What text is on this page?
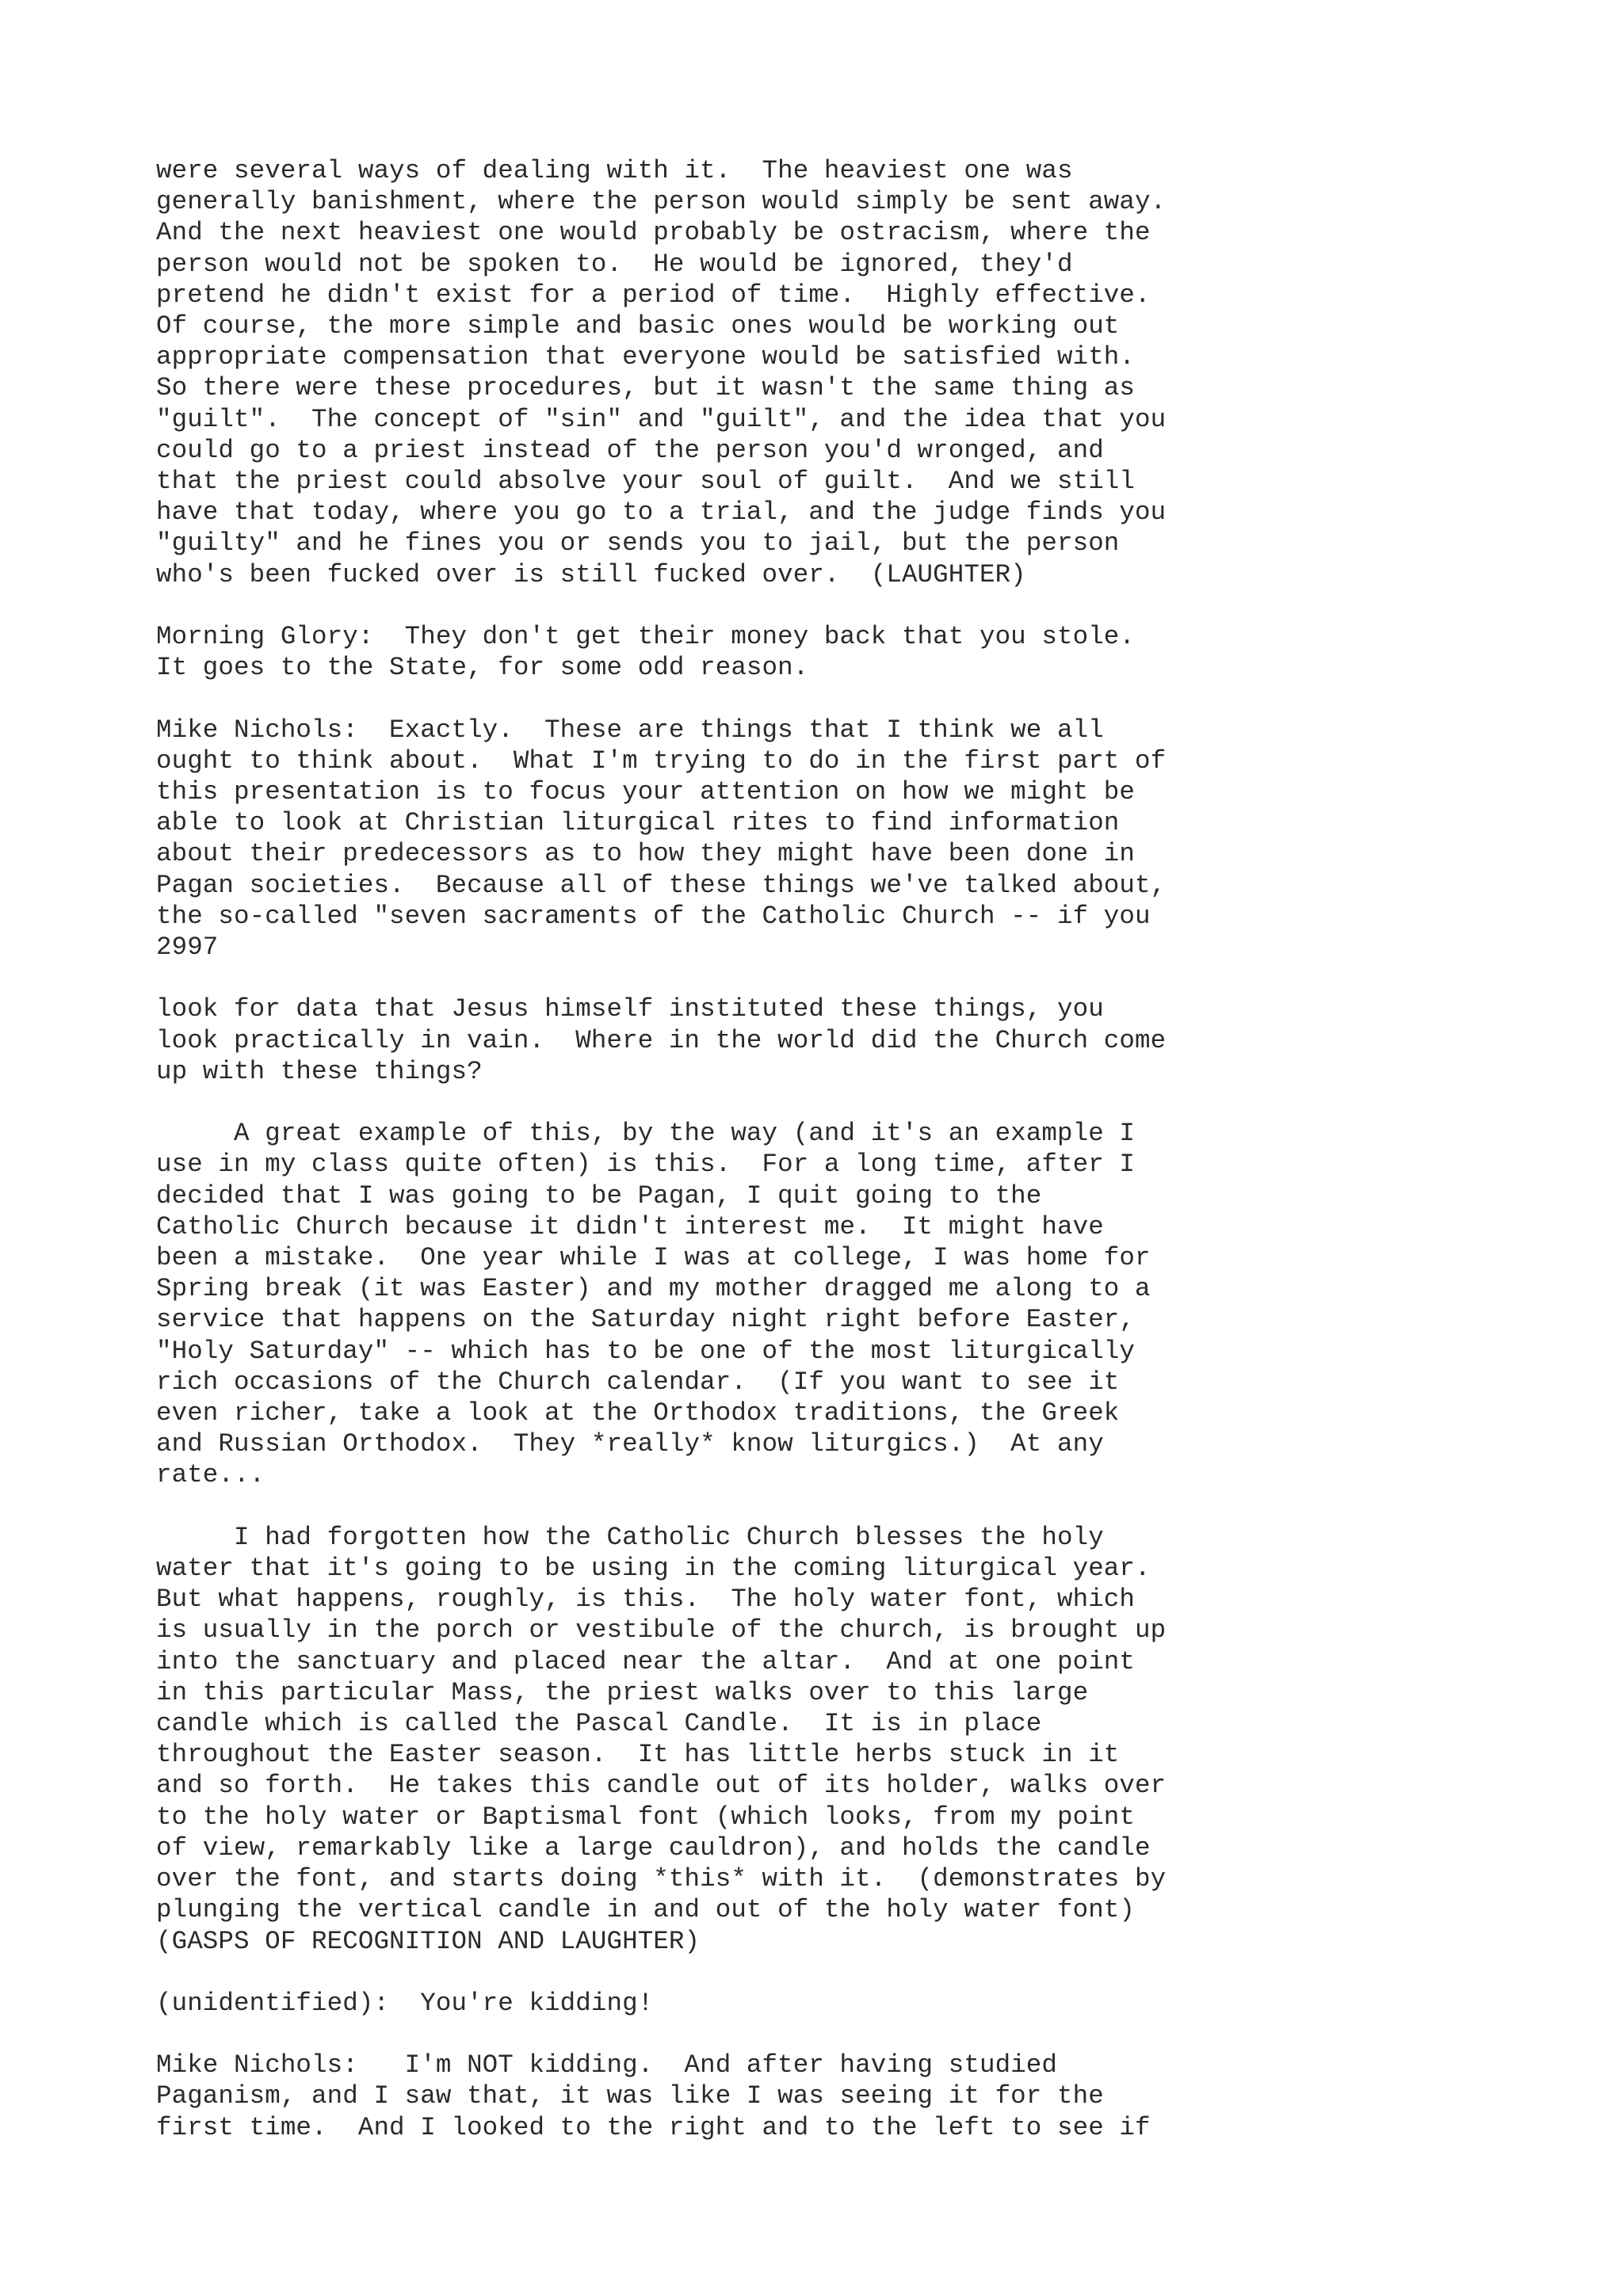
were several ways of dealing with it.  The heaviest one was
generally banishment, where the person would simply be sent away.
And the next heaviest one would probably be ostracism, where the
person would not be spoken to.  He would be ignored, they'd
pretend he didn't exist for a period of time.  Highly effective.
Of course, the more simple and basic ones would be working out
appropriate compensation that everyone would be satisfied with.
So there were these procedures, but it wasn't the same thing as
"guilt".  The concept of "sin" and "guilt", and the idea that you
could go to a priest instead of the person you'd wronged, and
that the priest could absolve your soul of guilt.  And we still
have that today, where you go to a trial, and the judge finds you
"guilty" and he fines you or sends you to jail, but the person
who's been fucked over is still fucked over.  (LAUGHTER)
Morning Glory:  They don't get their money back that you stole.
It goes to the State, for some odd reason.
Mike Nichols:  Exactly.  These are things that I think we all
ought to think about.  What I'm trying to do in the first part of
this presentation is to focus your attention on how we might be
able to look at Christian liturgical rites to find information
about their predecessors as to how they might have been done in
Pagan societies.  Because all of these things we've talked about,
the so-called "seven sacraments of the Catholic Church -- if you
2997
look for data that Jesus himself instituted these things, you
look practically in vain.  Where in the world did the Church come
up with these things?
A great example of this, by the way (and it's an example I
use in my class quite often) is this.  For a long time, after I
decided that I was going to be Pagan, I quit going to the
Catholic Church because it didn't interest me.  It might have
been a mistake.  One year while I was at college, I was home for
Spring break (it was Easter) and my mother dragged me along to a
service that happens on the Saturday night right before Easter,
"Holy Saturday" -- which has to be one of the most liturgically
rich occasions of the Church calendar.  (If you want to see it
even richer, take a look at the Orthodox traditions, the Greek
and Russian Orthodox.  They *really* know liturgics.)  At any
rate...
I had forgotten how the Catholic Church blesses the holy
water that it's going to be using in the coming liturgical year.
But what happens, roughly, is this.  The holy water font, which
is usually in the porch or vestibule of the church, is brought up
into the sanctuary and placed near the altar.  And at one point
in this particular Mass, the priest walks over to this large
candle which is called the Pascal Candle.  It is in place
throughout the Easter season.  It has little herbs stuck in it
and so forth.  He takes this candle out of its holder, walks over
to the holy water or Baptismal font (which looks, from my point
of view, remarkably like a large cauldron), and holds the candle
over the font, and starts doing *this* with it.  (demonstrates by
plunging the vertical candle in and out of the holy water font)
(GASPS OF RECOGNITION AND LAUGHTER)
(unidentified):  You're kidding!
Mike Nichols:   I'm NOT kidding.  And after having studied
Paganism, and I saw that, it was like I was seeing it for the
first time.  And I looked to the right and to the left to see if
